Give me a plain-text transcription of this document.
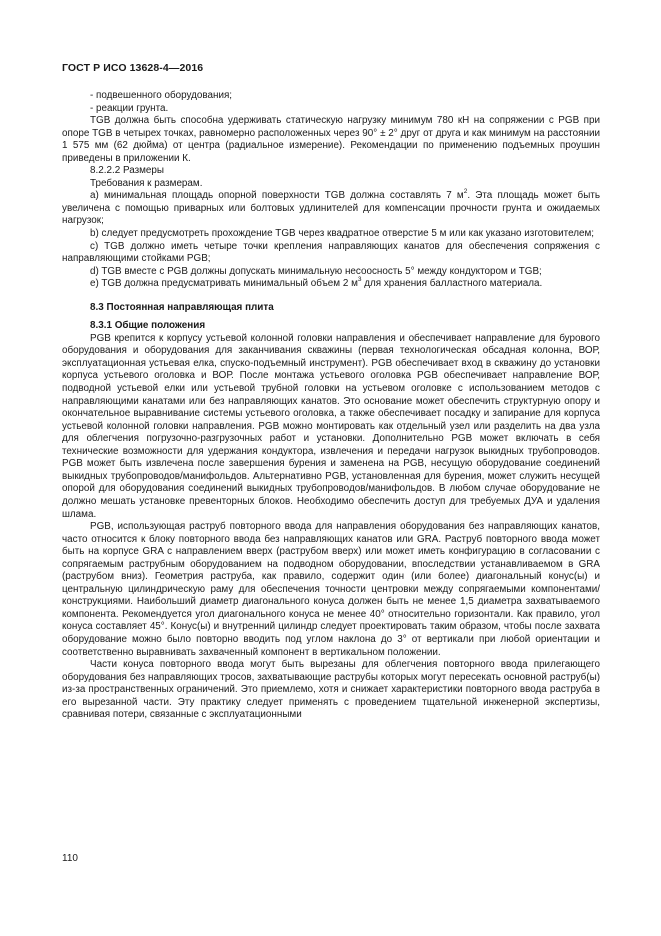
ГОСТ Р ИСО 13628-4—2016

- подвешенного оборудования;

- реакции грунта.

TGB должна быть способна удерживать статическую нагрузку минимум 780 кН на сопряжении с PGB при опоре TGB в четырех точках, равномерно расположенных через 90° ± 2° друг от друга и как минимум на расстоянии 1 575 мм (62 дюйма) от центра (радиальное измерение). Рекомендации по применению подъемных проушин приведены в приложении К.

8.2.2.2 Размеры

Требования к размерам.

a) минимальная площадь опорной поверхности TGB должна составлять 7 $м^2$. Эта площадь может быть увеличена с помощью приварных или болтовых удлинителей для компенсации прочности грунта и ожидаемых нагрузок;

b) следует предусмотреть прохождение TGB через квадратное отверстие 5 м или как указано изготовителем;

c) TGB должно иметь четыре точки крепления направляющих канатов для обеспечения сопряжения с направляющими стойками PGB;

d) TGB вместе с PGB должны допускать минимальную несоосность 5° между кондуктором и TGB;

e) TGB должна предусматривать минимальный объем 2 $м^3$ для хранения балластного материала.

8.3 Постоянная направляющая плита

8.3.1 Общие положения

PGB крепится к корпусу устьевой колонной головки направления и обеспечивает направление для бурового оборудования и оборудования для заканчивания скважины (первая технологическая обсадная колонна, ВОР, эксплуатационная устьевая елка, спуско-подъемный инструмент). PGB обеспечивает вход в скважину до установки корпуса устьевого оголовка и ВОР. После монтажа устьевого оголовка PGB обеспечивает направление ВОР, подводной устьевой елки или устьевой трубной головки на устьевом оголовке с использованием методов с направляющими канатами или без направляющих канатов. Это основание может обеспечить структурную опору и окончательное выравнивание системы устьевого оголовка, а также обеспечивает посадку и запирание для корпуса устьевой колонной головки направления. PGB можно монтировать как отдельный узел или разделить на два узла для облегчения погрузочно-разгрузочных работ и установки. Дополнительно PGB может включать в себя технические возможности для удержания кондуктора, извлечения и передачи нагрузок выкидных трубопроводов. PGB может быть извлечена после завершения бурения и заменена на PGB, несущую оборудование соединений выкидных трубопроводов/манифольдов. Альтернативно PGB, установленная для бурения, может служить несущей опорой для оборудования соединений выкидных трубопроводов/манифольдов. В любом случае оборудование не должно мешать установке превенторных блоков. Необходимо обеспечить доступ для требуемых ДУА и удаления шлама.

PGB, использующая раструб повторного ввода для направления оборудования без направляющих канатов, часто относится к блоку повторного ввода без направляющих канатов или GRA. Раструб повторного ввода может быть на корпусе GRA с направлением вверх (раструбом вверх) или может иметь конфигурацию в согласовании с сопрягаемым раструбным оборудованием на подводном оборудовании, впоследствии устанавливаемом в GRA (раструбом вниз). Геометрия раструба, как правило, содержит один (или более) диагональный конус(ы) и центральную цилиндрическую раму для обеспечения точности центровки между сопрягаемыми компонентами/конструкциями. Наибольший диаметр диагонального конуса должен быть не менее 1,5 диаметра захватываемого компонента. Рекомендуется угол диагонального конуса не менее 40° относительно горизонтали. Как правило, угол конуса составляет 45°. Конус(ы) и внутренний цилиндр следует проектировать таким образом, чтобы после захвата оборудование можно было повторно вводить под углом наклона до 3° от вертикали при любой ориентации и соответственно выравнивать захваченный компонент в вертикальном положении.

Части конуса повторного ввода могут быть вырезаны для облегчения повторного ввода прилегающего оборудования без направляющих тросов, захватывающие раструбы которых могут пересекать основной раструб(ы) из-за пространственных ограничений. Это приемлемо, хотя и снижает характеристики повторного ввода раструба в его вырезанной части. Эту практику следует применять с проведением тщательной инженерной экспертизы, сравнивая потери, связанные с эксплуатационными

110
